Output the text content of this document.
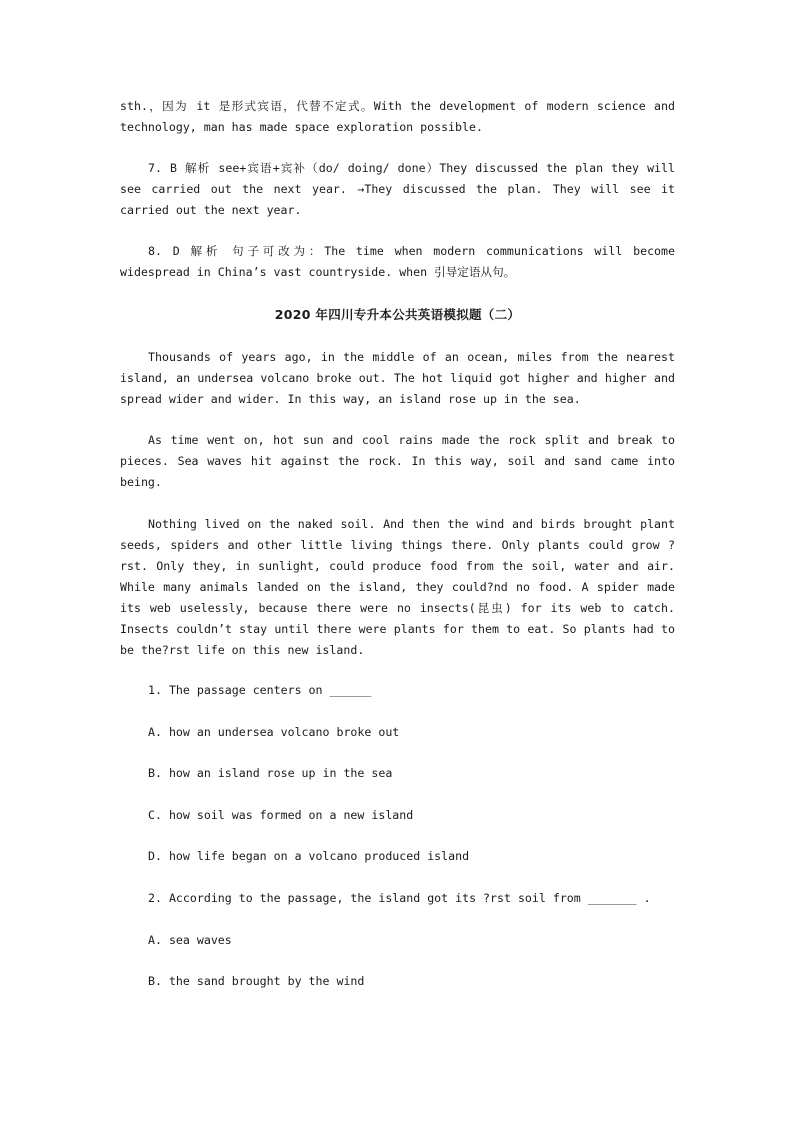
sth.，因为 it 是形式宾语，代替不定式。With the development of modern science and technology, man has made space exploration possible.

7. B 解析 see+宾语+宾补（do/ doing/ done）They discussed the plan they will see carried out the next year. →They discussed the plan. They will see it carried out the next year.

8. D 解析 句子可改为：The time when modern communications will become widespread in China’s vast countryside. when 引导定语从句。

2020 年四川专升本公共英语模拟题（二）

Thousands of years ago, in the middle of an ocean, miles from the nearest island, an undersea volcano broke out. The hot liquid got higher and higher and spread wider and wider. In this way, an island rose up in the sea.

As time went on, hot sun and cool rains made the rock split and break to pieces. Sea waves hit against the rock. In this way, soil and sand came into being.

Nothing lived on the naked soil. And then the wind and birds brought plant seeds, spiders and other little living things there. Only plants could grow ?rst. Only they, in sunlight, could produce food from the soil, water and air. While many animals landed on the island, they could?nd no food. A spider made its web uselessly, because there were no insects(昆虫) for its web to catch. Insects couldn’t stay until there were plants for them to eat. So plants had to be the?rst life on this new island.

1. The passage centers on ______

A. how an undersea volcano broke out

B. how an island rose up in the sea

C. how soil was formed on a new island

D. how life began on a volcano produced island

2. According to the passage, the island got its ?rst soil from _______ .

A. sea waves

B. the sand brought by the wind
